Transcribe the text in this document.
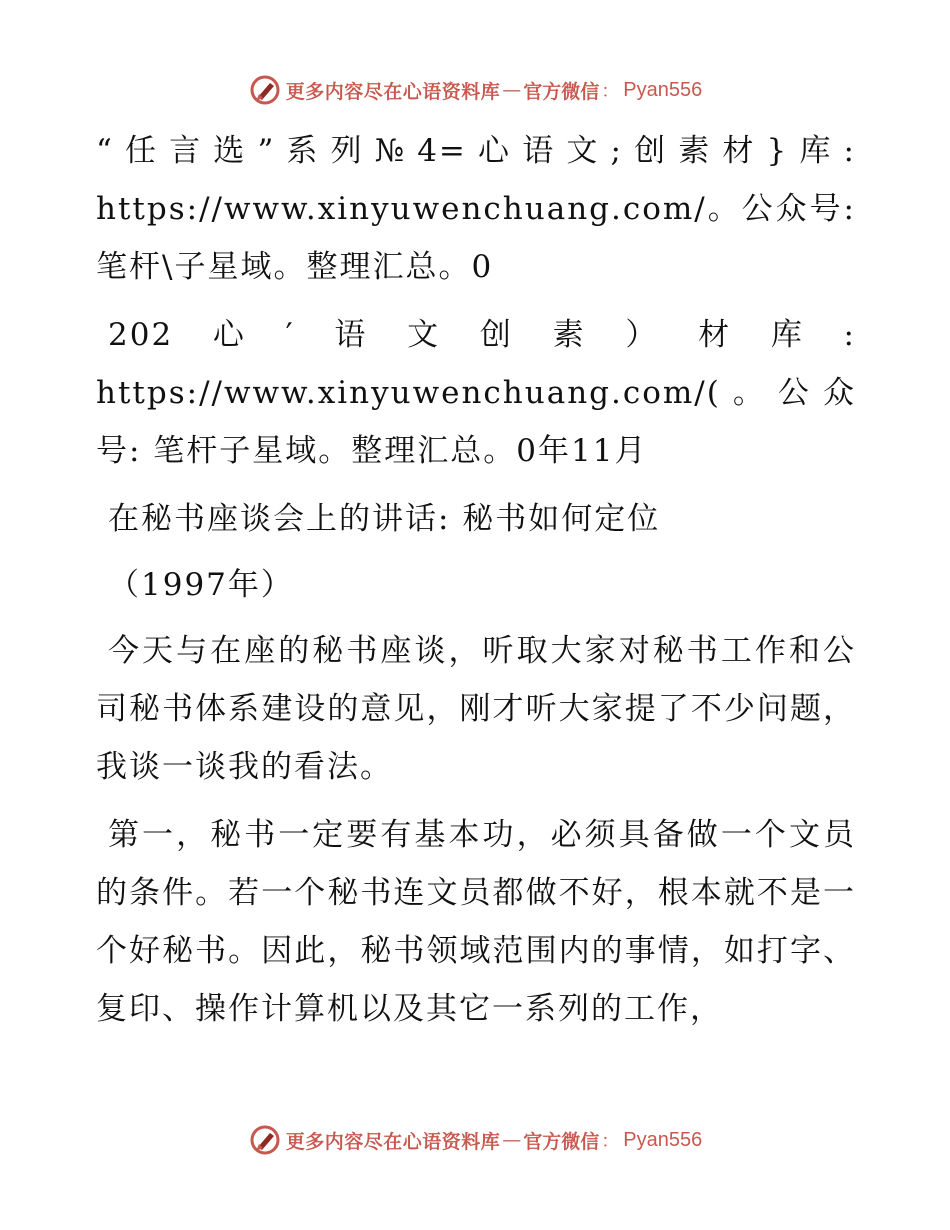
更多内容尽在心语资料库 — 官方微信 ： Pyan556

“任言选”系列№4=心语文;创素材}库: https://www.xinyuwenchuang.com/。公众号: 笔杆\子星域。整理汇总。0

202心′语文创素）材库: https://www.xinyuwenchuang.com/(。公众号: 笔杆子星域。整理汇总。0年11月

在秘书座谈会上的讲话: 秘书如何定位

（1997年）

今天与在座的秘书座谈，听取大家对秘书工作和公司秘书体系建设的意见，刚才听大家提了不少问题，我谈一谈我的看法。

第一，秘书一定要有基本功，必须具备做一个文员的条件。若一个秘书连文员都做不好，根本就不是一个好秘书。因此，秘书领域范围内的事情，如打字、复印、操作计算机以及其它一系列的工作，

更多内容尽在心语资料库 — 官方微信 ： Pyan556
